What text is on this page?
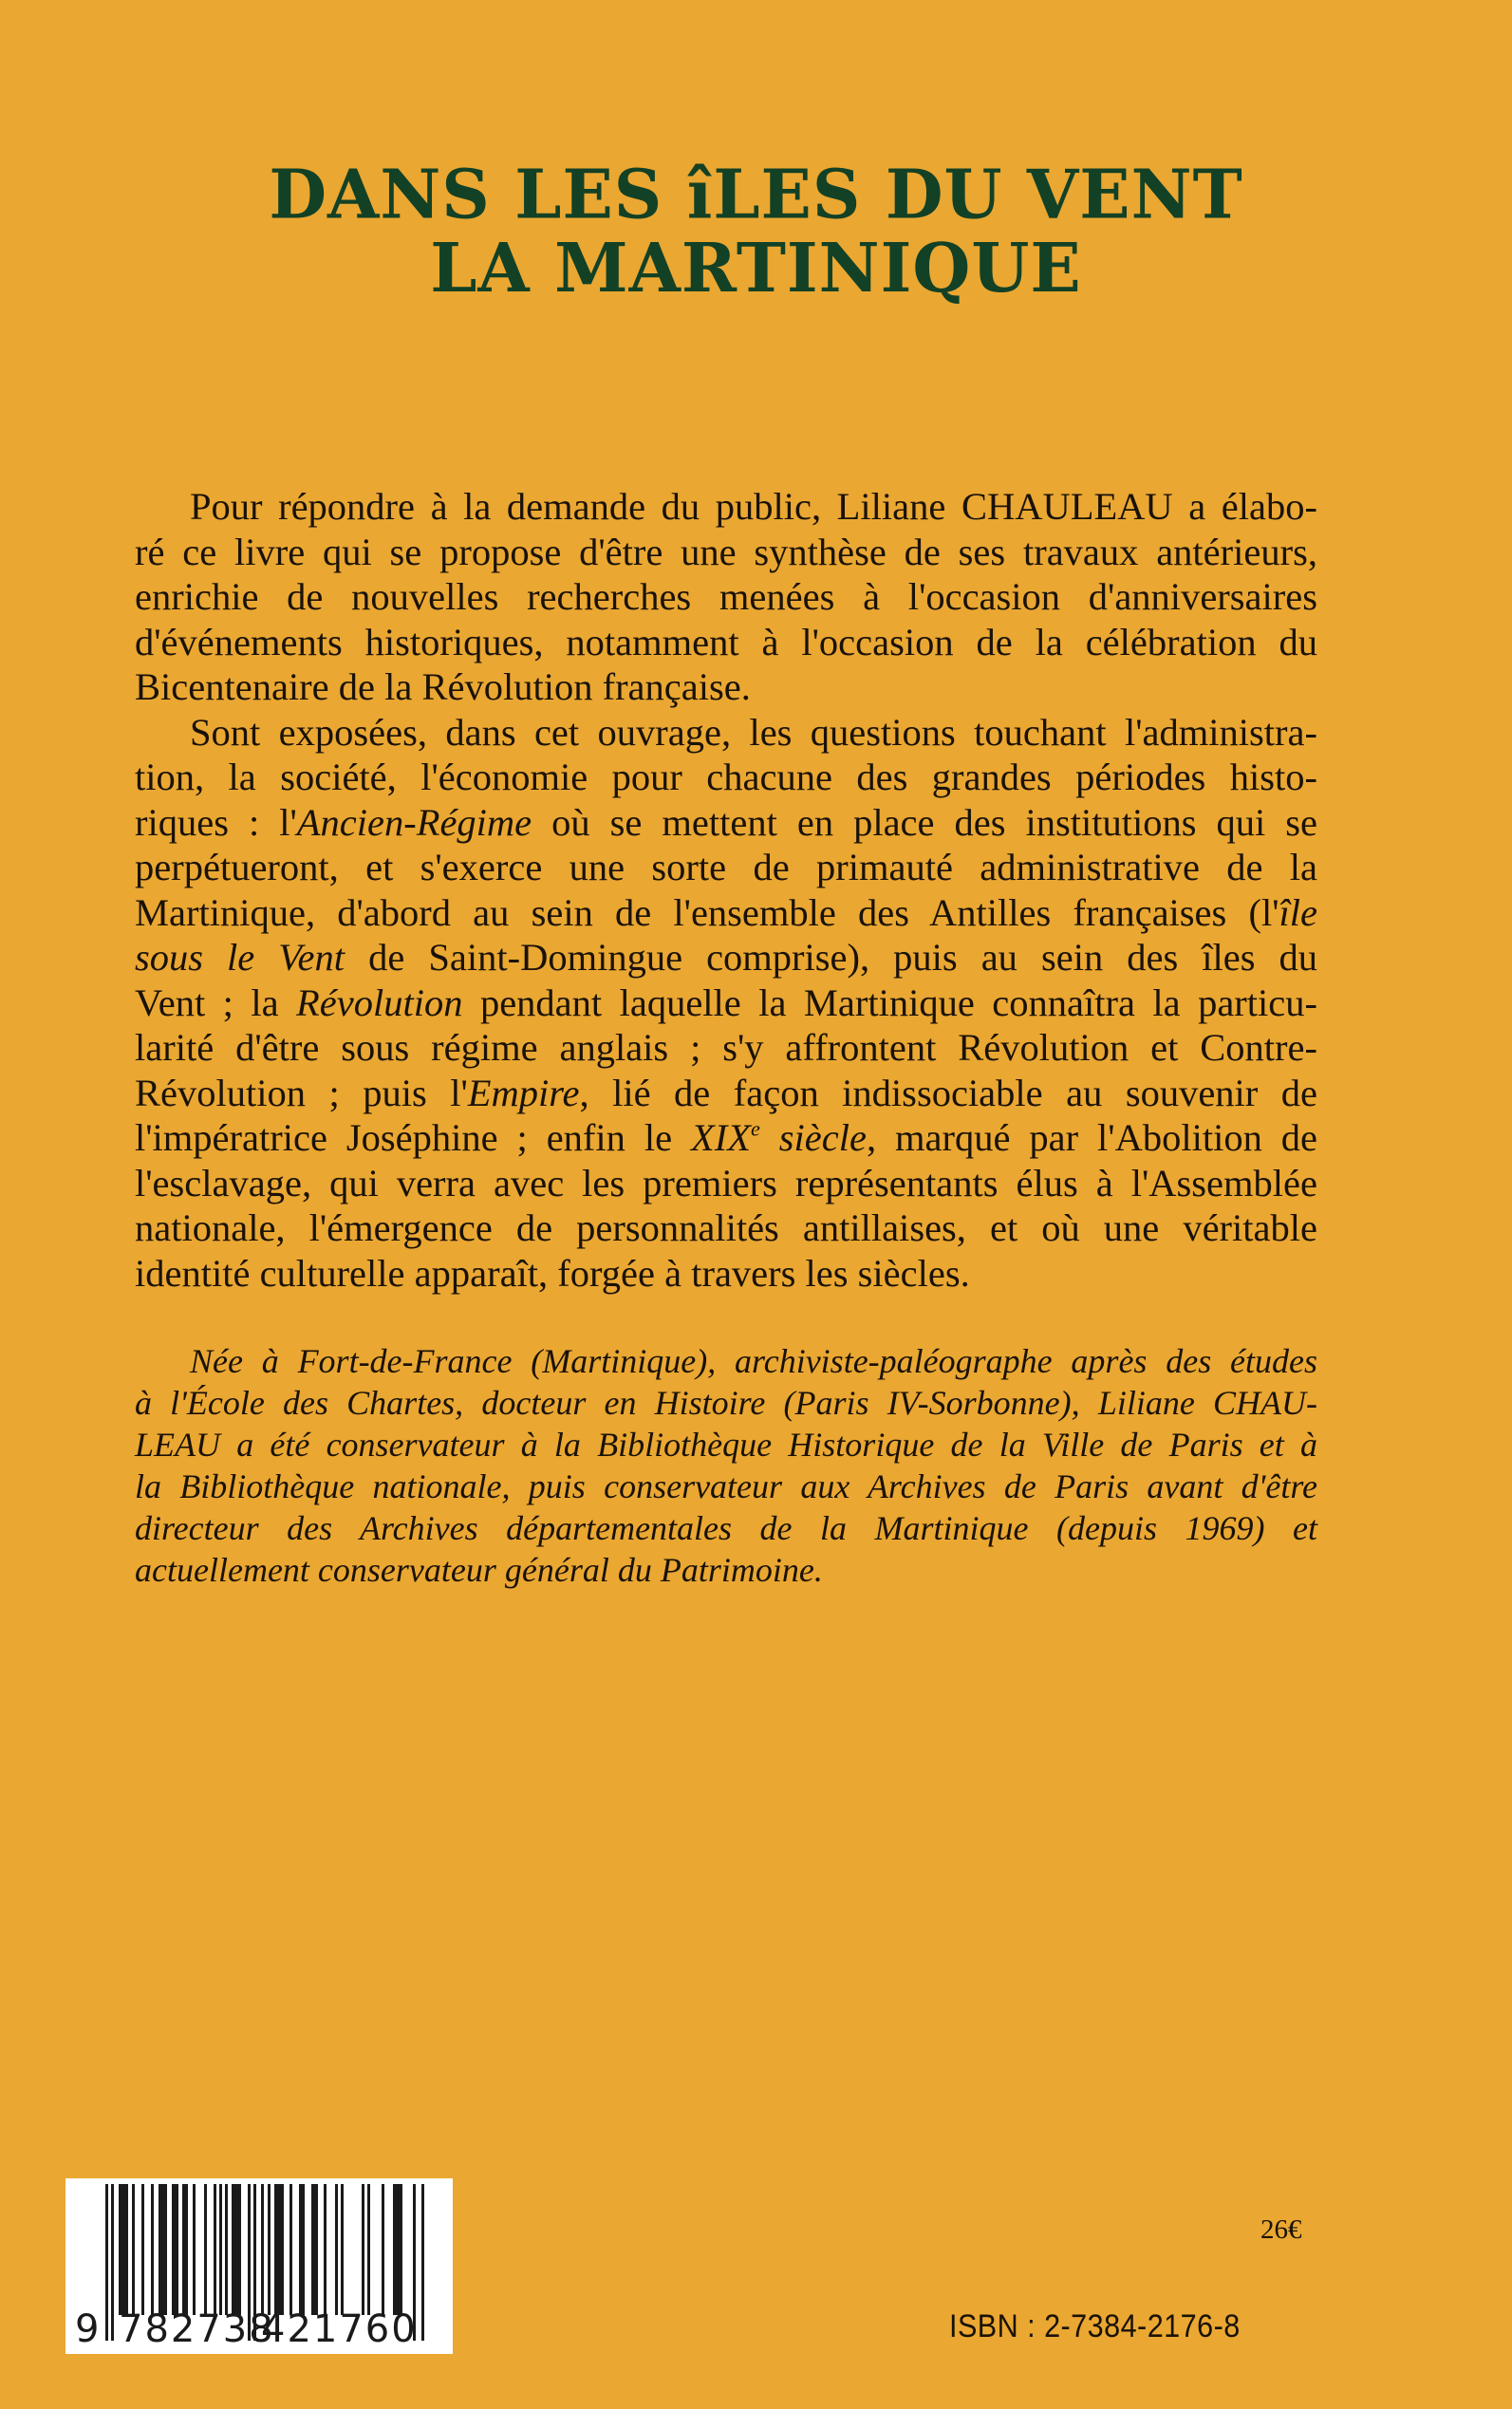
DANS LES îLES DU VENT
LA MARTINIQUE
Pour répondre à la demande du public, Liliane CHAULEAU a élabo-
ré ce livre qui se propose d'être une synthèse de ses travaux antérieurs,
enrichie de nouvelles recherches menées à l'occasion d'anniversaires
d'événements historiques, notamment à l'occasion de la célébration du
Bicentenaire de la Révolution française.
Sont exposées, dans cet ouvrage, les questions touchant l'administra-
tion, la société, l'économie pour chacune des grandes périodes histo-
riques : l'Ancien-Régime où se mettent en place des institutions qui se
perpétueront, et s'exerce une sorte de primauté administrative de la
Martinique, d'abord au sein de l'ensemble des Antilles françaises (l'île
sous le Vent de Saint-Domingue comprise), puis au sein des îles du
Vent ; la Révolution pendant laquelle la Martinique connaîtra la particu-
larité d'être sous régime anglais ; s'y affrontent Révolution et Contre-
Révolution ; puis l'Empire, lié de façon indissociable au souvenir de
l'impératrice Joséphine ; enfin le XIXe siècle, marqué par l'Abolition de
l'esclavage, qui verra avec les premiers représentants élus à l'Assemblée
nationale, l'émergence de personnalités antillaises, et où une véritable
identité culturelle apparaît, forgée à travers les siècles.
Née à Fort-de-France (Martinique), archiviste-paléographe après des études
à l'École des Chartes, docteur en Histoire (Paris IV-Sorbonne), Liliane CHAU-
LEAU a été conservateur à la Bibliothèque Historique de la Ville de Paris et à
la Bibliothèque nationale, puis conservateur aux Archives de Paris avant d'être
directeur des Archives départementales de la Martinique (depuis 1969) et
actuellement conservateur général du Patrimoine.
9 782738
421760
26€
ISBN : 2-7384-2176-8
